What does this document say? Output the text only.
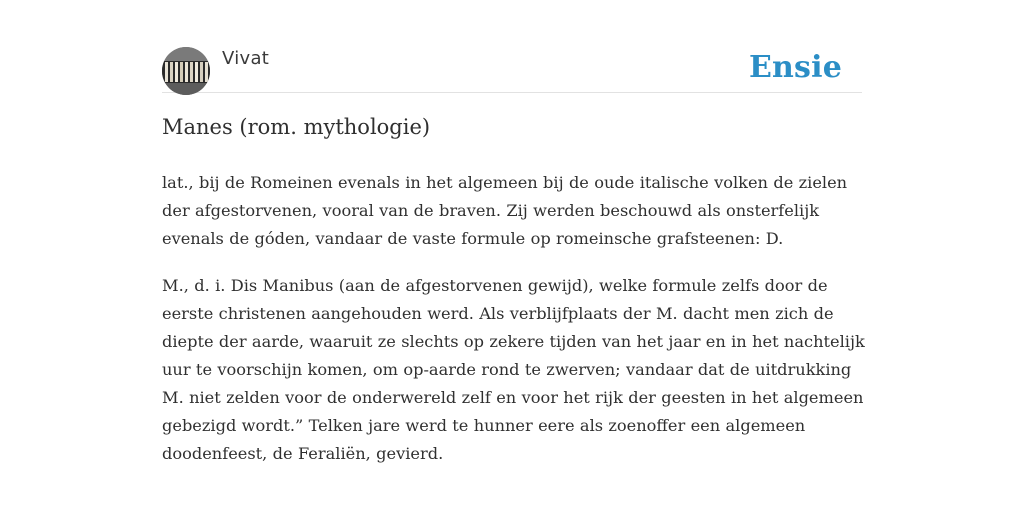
Vivat	Ensie
Manes (rom. mythologie)

lat., bij de Romeinen evenals in het algemeen bij de oude italische volken de zielen der afgestorvenen, vooral van de braven. Zij werden beschouwd als onsterfelijk evenals de góden, vandaar de vaste formule op romeinsche grafsteenen: D.

M., d. i. Dis Manibus (aan de afgestorvenen gewijd), welke formule zelfs door de eerste christenen aangehouden werd. Als verblijfplaats der M. dacht men zich de diepte der aarde, waaruit ze slechts op zekere tijden van het jaar en in het nachtelijk uur te voorschijn komen, om op-aarde rond te zwerven; vandaar dat de uitdrukking M. niet zelden voor de onderwereld zelf en voor het rijk der geesten in het algemeen gebezigd wordt.” Telken jare werd te hunner eere als zoenoffer een algemeen doodenfeest, de Feraliën, gevierd.
